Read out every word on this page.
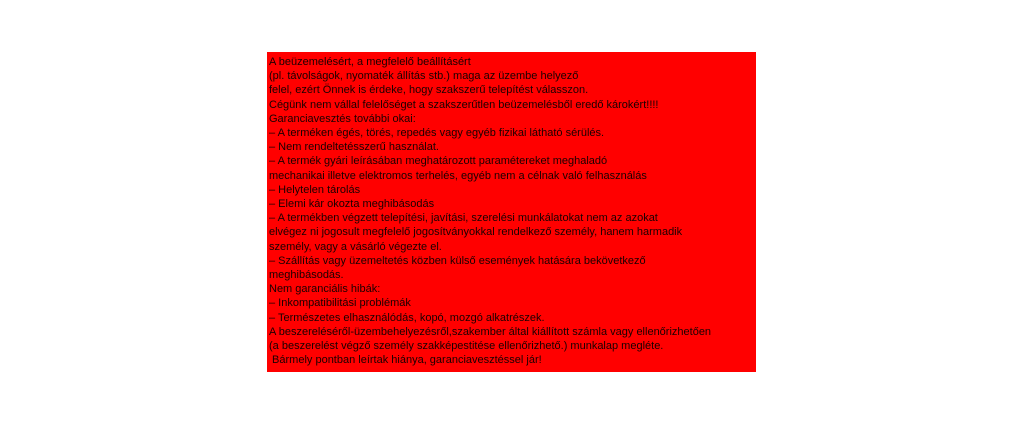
A beüzemelésért, a megfelelő beállításért

(pl. távolságok, nyomaték állítás stb.) maga az üzembe helyező

felel, ezért Önnek is érdeke, hogy szakszerű telepítést válasszon.

Cégünk nem vállal felelőséget a szakszerűtlen beüzemelésből eredő károkért!!!!

Garanciavesztés további okai:

– A terméken égés, törés, repedés vagy egyéb fizikai látható sérülés.

– Nem rendeltetésszerű használat.

– A termék gyári leírásában meghatározott paramétereket meghaladó

mechanikai illetve elektromos terhelés, egyéb nem a célnak való felhasználás

– Helytelen tárolás

– Elemi kár okozta meghibásodás

– A termékben végzett telepítési, javítási, szerelési munkálatokat nem az azokat

elvégez ni jogosult megfelelő jogosítványokkal rendelkező személy, hanem harmadik

személy, vagy a vásárló végezte el.

– Szállítás vagy üzemeltetés közben külső események hatására bekövetkező

meghibásodás.

Nem garanciális hibák:

– Inkompatibilitási problémák

– Természetes elhasználódás, kopó, mozgó alkatrészek.

A beszereléséről-üzembehelyezésről,szakember által kiállított számla vagy ellenőrizhetően

(a beszerelést végző személy szakképestitése ellenőrizhető.) munkalap megléte.

Bármely pontban leírtak hiánya, garanciavesztéssel jár!
